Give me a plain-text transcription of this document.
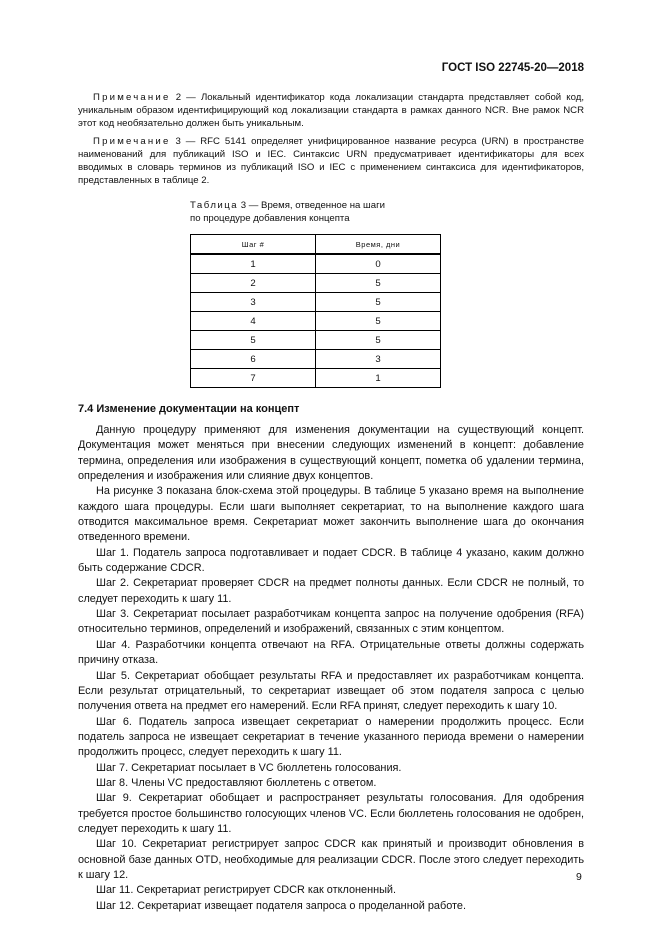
ГОСТ ISO 22745-20—2018

Примечание 2 — Локальный идентификатор кода локализации стандарта представляет собой код, уникальным образом идентифицирующий код локализации стандарта в рамках данного NCR. Вне рамок NCR этот код необязательно должен быть уникальным.

Примечание 3 — RFC 5141 определяет унифицированное название ресурса (URN) в пространстве наименований для публикаций ISO и IEC. Синтаксис URN предусматривает идентификаторы для всех вводимых в словарь терминов из публикаций ISO и IEC с применением синтаксиса для идентификаторов, представленных в таблице 2.

Таблица 3 — Время, отведенное на шаги
по процедуре добавления концепта
Шаг #	Время, дни
1	0
2	5
3	5
4	5
5	5
6	3
7	1
7.4 Изменение документации на концепт

Данную процедуру применяют для изменения документации на существующий концепт. Документация может меняться при внесении следующих изменений в концепт: добавление термина, определения или изображения в существующий концепт, пометка об удалении термина, определения и изображения или слияние двух концептов.

На рисунке 3 показана блок-схема этой процедуры. В таблице 5 указано время на выполнение каждого шага процедуры. Если шаги выполняет секретариат, то на выполнение каждого шага отводится максимальное время. Секретариат может закончить выполнение шага до окончания отведенного времени.

Шаг 1. Податель запроса подготавливает и подает CDCR. В таблице 4 указано, каким должно быть содержание CDCR.

Шаг 2. Секретариат проверяет CDCR на предмет полноты данных. Если CDCR не полный, то следует переходить к шагу 11.

Шаг 3. Секретариат посылает разработчикам концепта запрос на получение одобрения (RFA) относительно терминов, определений и изображений, связанных с этим концептом.

Шаг 4. Разработчики концепта отвечают на RFA. Отрицательные ответы должны содержать причину отказа.

Шаг 5. Секретариат обобщает результаты RFA и предоставляет их разработчикам концепта. Если результат отрицательный, то секретариат извещает об этом подателя запроса с целью получения ответа на предмет его намерений. Если RFA принят, следует переходить к шагу 10.

Шаг 6. Податель запроса извещает секретариат о намерении продолжить процесс. Если податель запроса не извещает секретариат в течение указанного периода времени о намерении продолжить процесс, следует переходить к шагу 11.

Шаг 7. Секретариат посылает в VC бюллетень голосования.

Шаг 8. Члены VC предоставляют бюллетень с ответом.

Шаг 9. Секретариат обобщает и распространяет результаты голосования. Для одобрения требуется простое большинство голосующих членов VC. Если бюллетень голосования не одобрен, следует переходить к шагу 11.

Шаг 10. Секретариат регистрирует запрос CDCR как принятый и производит обновления в основной базе данных OTD, необходимые для реализации CDCR. После этого следует переходить к шагу 12.

Шаг 11. Секретариат регистрирует CDCR как отклоненный.

Шаг 12. Секретариат извещает подателя запроса о проделанной работе.

9
